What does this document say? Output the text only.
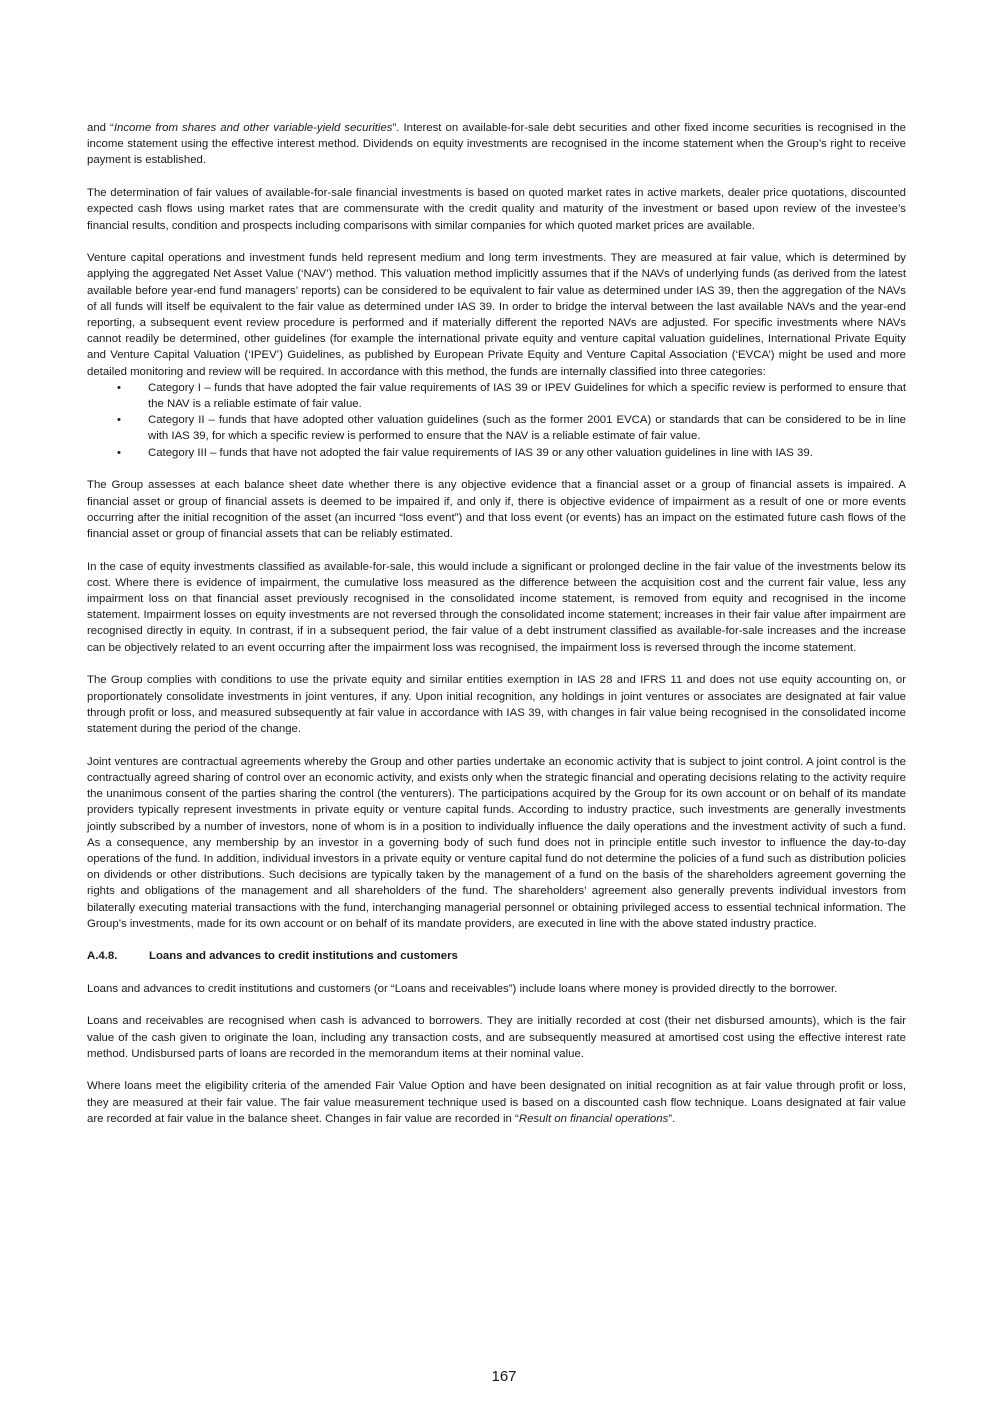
and “Income from shares and other variable-yield securities”. Interest on available-for-sale debt securities and other fixed income securities is recognised in the income statement using the effective interest method. Dividends on equity investments are recognised in the income statement when the Group’s right to receive payment is established.

The determination of fair values of available-for-sale financial investments is based on quoted market rates in active markets, dealer price quotations, discounted expected cash flows using market rates that are commensurate with the credit quality and maturity of the investment or based upon review of the investee’s financial results, condition and prospects including comparisons with similar companies for which quoted market prices are available.

Venture capital operations and investment funds held represent medium and long term investments. They are measured at fair value, which is determined by applying the aggregated Net Asset Value (‘NAV’) method. This valuation method implicitly assumes that if the NAVs of underlying funds (as derived from the latest available before year-end fund managers’ reports) can be considered to be equivalent to fair value as determined under IAS 39, then the aggregation of the NAVs of all funds will itself be equivalent to the fair value as determined under IAS 39. In order to bridge the interval between the last available NAVs and the year-end reporting, a subsequent event review procedure is performed and if materially different the reported NAVs are adjusted. For specific investments where NAVs cannot readily be determined, other guidelines (for example the international private equity and venture capital valuation guidelines, International Private Equity and Venture Capital Valuation (‘IPEV’) Guidelines, as published by European Private Equity and Venture Capital Association (‘EVCA’) might be used and more detailed monitoring and review will be required. In accordance with this method, the funds are internally classified into three categories:

• Category I – funds that have adopted the fair value requirements of IAS 39 or IPEV Guidelines for which a specific review is performed to ensure that the NAV is a reliable estimate of fair value.
• Category II – funds that have adopted other valuation guidelines (such as the former 2001 EVCA) or standards that can be considered to be in line with IAS 39, for which a specific review is performed to ensure that the NAV is a reliable estimate of fair value.
• Category III – funds that have not adopted the fair value requirements of IAS 39 or any other valuation guidelines in line with IAS 39.

The Group assesses at each balance sheet date whether there is any objective evidence that a financial asset or a group of financial assets is impaired. A financial asset or group of financial assets is deemed to be impaired if, and only if, there is objective evidence of impairment as a result of one or more events occurring after the initial recognition of the asset (an incurred “loss event”) and that loss event (or events) has an impact on the estimated future cash flows of the financial asset or group of financial assets that can be reliably estimated.

In the case of equity investments classified as available-for-sale, this would include a significant or prolonged decline in the fair value of the investments below its cost. Where there is evidence of impairment, the cumulative loss measured as the difference between the acquisition cost and the current fair value, less any impairment loss on that financial asset previously recognised in the consolidated income statement, is removed from equity and recognised in the income statement. Impairment losses on equity investments are not reversed through the consolidated income statement; increases in their fair value after impairment are recognised directly in equity. In contrast, if in a subsequent period, the fair value of a debt instrument classified as available-for-sale increases and the increase can be objectively related to an event occurring after the impairment loss was recognised, the impairment loss is reversed through the income statement.

The Group complies with conditions to use the private equity and similar entities exemption in IAS 28 and IFRS 11 and does not use equity accounting on, or proportionately consolidate investments in joint ventures, if any. Upon initial recognition, any holdings in joint ventures or associates are designated at fair value through profit or loss, and measured subsequently at fair value in accordance with IAS 39, with changes in fair value being recognised in the consolidated income statement during the period of the change.

Joint ventures are contractual agreements whereby the Group and other parties undertake an economic activity that is subject to joint control. A joint control is the contractually agreed sharing of control over an economic activity, and exists only when the strategic financial and operating decisions relating to the activity require the unanimous consent of the parties sharing the control (the venturers). The participations acquired by the Group for its own account or on behalf of its mandate providers typically represent investments in private equity or venture capital funds. According to industry practice, such investments are generally investments jointly subscribed by a number of investors, none of whom is in a position to individually influence the daily operations and the investment activity of such a fund. As a consequence, any membership by an investor in a governing body of such fund does not in principle entitle such investor to influence the day-to-day operations of the fund. In addition, individual investors in a private equity or venture capital fund do not determine the policies of a fund such as distribution policies on dividends or other distributions. Such decisions are typically taken by the management of a fund on the basis of the shareholders agreement governing the rights and obligations of the management and all shareholders of the fund. The shareholders’ agreement also generally prevents individual investors from bilaterally executing material transactions with the fund, interchanging managerial personnel or obtaining privileged access to essential technical information. The Group’s investments, made for its own account or on behalf of its mandate providers, are executed in line with the above stated industry practice.

A.4.8.	Loans and advances to credit institutions and customers

Loans and advances to credit institutions and customers (or “Loans and receivables”) include loans where money is provided directly to the borrower.

Loans and receivables are recognised when cash is advanced to borrowers. They are initially recorded at cost (their net disbursed amounts), which is the fair value of the cash given to originate the loan, including any transaction costs, and are subsequently measured at amortised cost using the effective interest rate method. Undisbursed parts of loans are recorded in the memorandum items at their nominal value.

Where loans meet the eligibility criteria of the amended Fair Value Option and have been designated on initial recognition as at fair value through profit or loss, they are measured at their fair value. The fair value measurement technique used is based on a discounted cash flow technique. Loans designated at fair value are recorded at fair value in the balance sheet. Changes in fair value are recorded in “Result on financial operations”.

167
